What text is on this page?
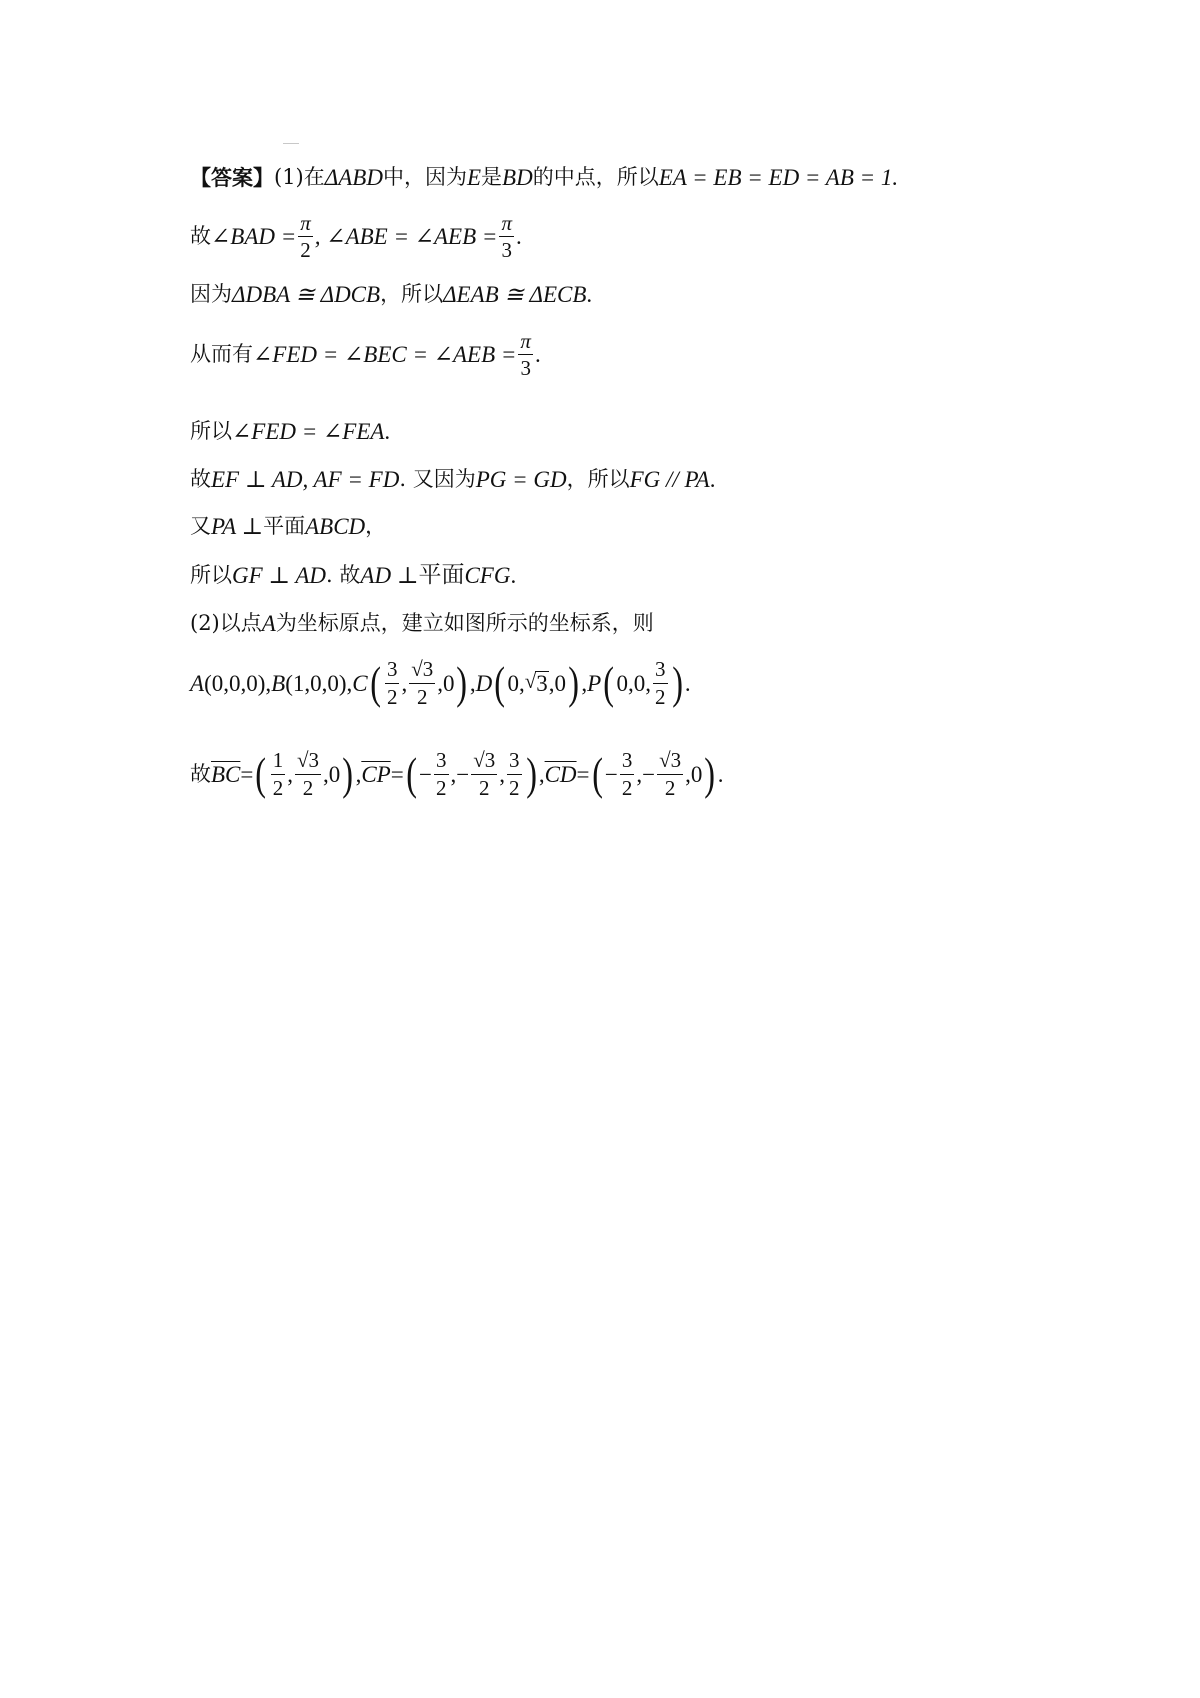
【答案】 (1) 在 ΔABD 中，因为 E 是 BD 的中点，所以 EA = EB = ED = AB = 1.
故 ∠BAD = $\frac{\pi}{2}$ , ∠ABE = ∠AEB = $\frac{\pi}{3}$ .
因为 ΔDBA ≅ ΔDCB ，所以 ΔEAB ≅ ΔECB .
从而有 ∠FED = ∠BEC = ∠AEB = $\frac{\pi}{3}$ .
所以 ∠FED = ∠FEA .
故 EF ⊥ AD, AF = FD . 又因为 PG = GD ，所以 FG // PA .
又 PA ⊥ 平面 ABCD ，
所以 GF ⊥ AD . 故 AD ⊥ 平面 CFG .
(2) 以点 A 为坐标原点，建立如图所示的坐标系，则
A (0,0,0), B (1,0,0), C ( $\frac{3}{2}$ , $\frac{√3}{2} ,0$ ) , D ( 0, √ 3 ,0 ) , P ( 0,0, $\frac{3}{2}$ ) .
故 $\overline{BC}$ = ( $\frac{1}{2}$ , $\frac{√3}{2} ,0$ ) , $\overline{CP}$ = ( − $\frac{3}{2}$ ,− $\frac{√3}{2}$ , $\frac{3}{2}$ ) , $\overline{CD}$ = ( − $\frac{3}{2}$ ,− $\frac{√3}{2} ,0$ ) .
